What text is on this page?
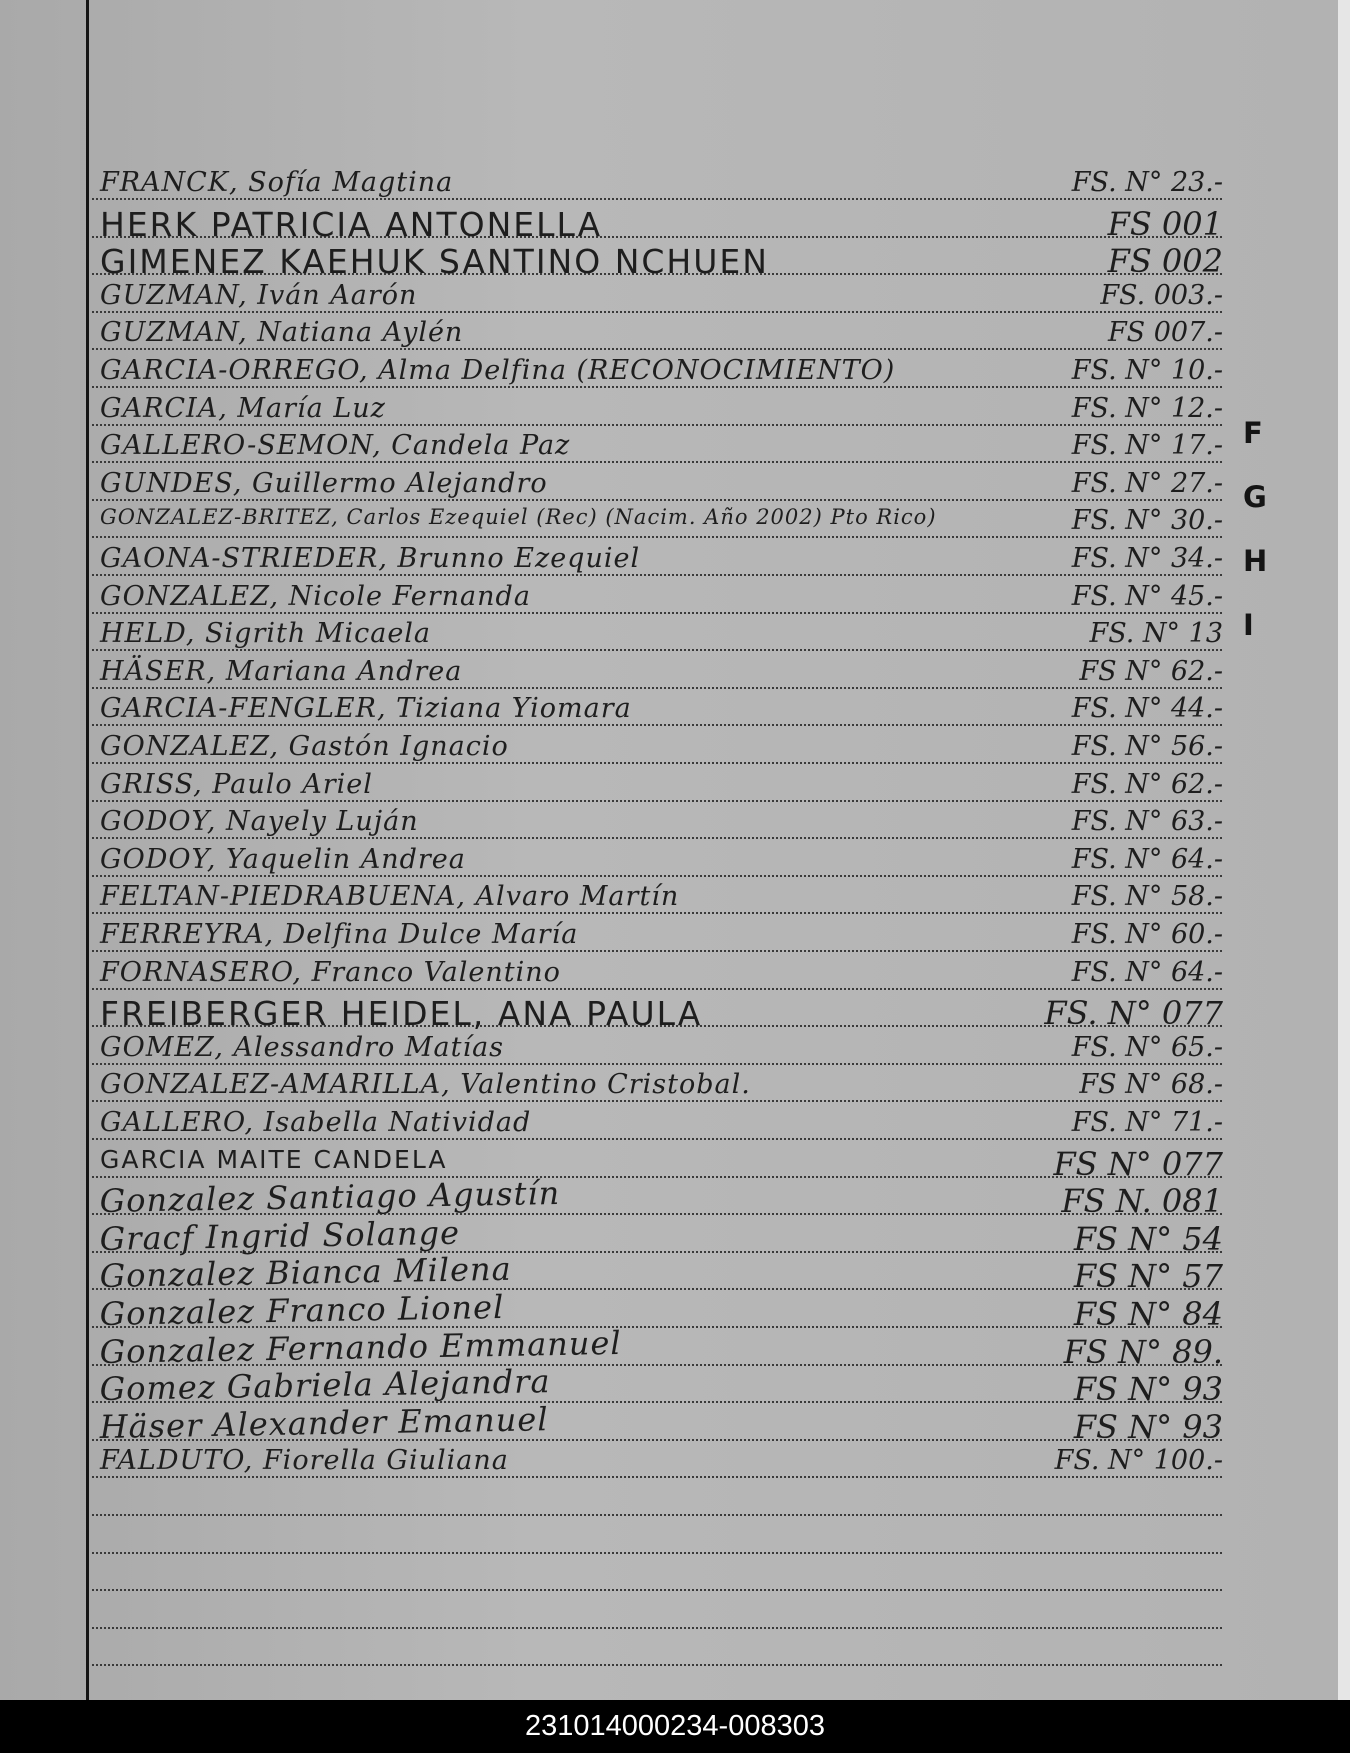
FRANCK, Sofía Magtina	FS. N° 23.-
HERK PATRICIA ANTONELLA	FS 001
GIMENEZ KAEHUK SANTINO NCHUEN	FS 002
GUZMAN, Iván Aarón	FS. 003.-
GUZMAN, Natiana Aylén	FS 007.-
GARCIA-ORREGO, Alma Delfina (RECONOCIMIENTO)	FS. N° 10.-
GARCIA, María Luz	FS. N° 12.-
GALLERO-SEMON, Candela Paz	FS. N° 17.-
GUNDES, Guillermo Alejandro	FS. N° 27.-
GONZALEZ-BRITEZ, Carlos Ezequiel (Rec) (Nacim. Año 2002) Pto Rico)	FS. N° 30.-
GAONA-STRIEDER, Brunno Ezequiel	FS. N° 34.-
GONZALEZ, Nicole Fernanda	FS. N° 45.-
HELD, Sigrith Micaela	FS. N° 13
HÄSER, Mariana Andrea	FS N° 62.-
GARCIA-FENGLER, Tiziana Yiomara	FS. N° 44.-
GONZALEZ, Gastón Ignacio	FS. N° 56.-
GRISS, Paulo Ariel	FS. N° 62.-
GODOY, Nayely Luján	FS. N° 63.-
GODOY, Yaquelin Andrea	FS. N° 64.-
FELTAN-PIEDRABUENA, Alvaro Martín	FS. N° 58.-
FERREYRA, Delfina Dulce María	FS. N° 60.-
FORNASERO, Franco Valentino	FS. N° 64.-
FREIBERGER HEIDEL, ANA PAULA	FS. N° 077
GOMEZ, Alessandro Matías	FS. N° 65.-
GONZALEZ-AMARILLA, Valentino Cristobal.	FS N° 68.-
GALLERO, Isabella Natividad	FS. N° 71.-
GARCIA MAITE CANDELA	FS N° 077
Gonzalez Santiago Agustín	FS N. 081
Gracf Ingrid Solange	FS N° 54
Gonzalez Bianca Milena	FS N° 57
Gonzalez Franco Lionel	FS N° 84
Gonzalez Fernando Emmanuel	FS N° 89.
Gomez Gabriela Alejandra	FS N° 93
Häser Alexander Emanuel	FS N° 93
FALDUTO, Fiorella Giuliana	FS. N° 100.-
F
G
H
I
231014000234-008303
